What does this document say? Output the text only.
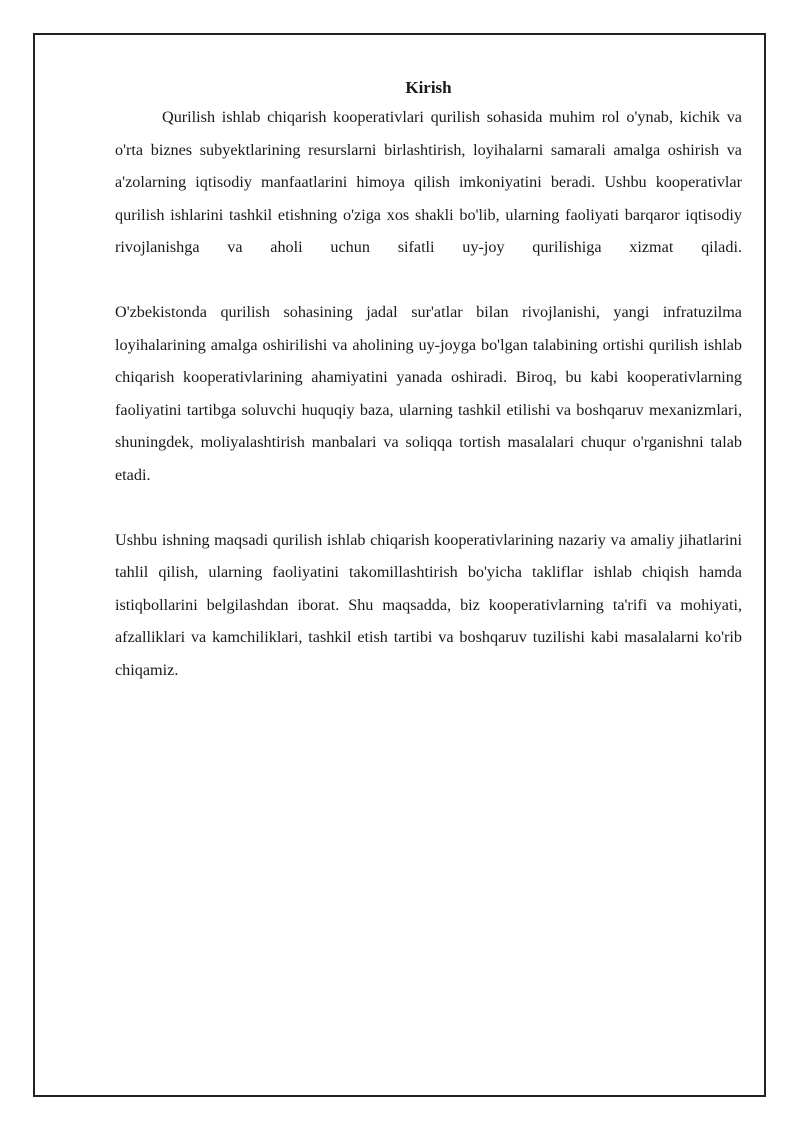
Kirish

Qurilish ishlab chiqarish kooperativlari qurilish sohasida muhim rol o'ynab, kichik va o'rta biznes subyektlarining resurslarni birlashtirish, loyihalarni samarali amalga oshirish va a'zolarning iqtisodiy manfaatlarini himoya qilish imkoniyatini beradi. Ushbu kooperativlar qurilish ishlarini tashkil etishning o'ziga xos shakli bo'lib, ularning faoliyati barqaror iqtisodiy rivojlanishga va aholi uchun sifatli uy-joy qurilishiga xizmat qiladi.

O'zbekistonda qurilish sohasining jadal sur'atlar bilan rivojlanishi, yangi infratuzilma loyihalarining amalga oshirilishi va aholining uy-joyga bo'lgan talabining ortishi qurilish ishlab chiqarish kooperativlarining ahamiyatini yanada oshiradi. Biroq, bu kabi kooperativlarning faoliyatini tartibga soluvchi huquqiy baza, ularning tashkil etilishi va boshqaruv mexanizmlari, shuningdek, moliyalashtirish manbalari va soliqqa tortish masalalari chuqur o'rganishni talab etadi.

Ushbu ishning maqsadi qurilish ishlab chiqarish kooperativlarining nazariy va amaliy jihatlarini tahlil qilish, ularning faoliyatini takomillashtirish bo'yicha takliflar ishlab chiqish hamda istiqbollarini belgilashdan iborat. Shu maqsadda, biz kooperativlarning ta'rifi va mohiyati, afzalliklari va kamchiliklari, tashkil etish tartibi va boshqaruv tuzilishi kabi masalalarni ko'rib chiqamiz.
